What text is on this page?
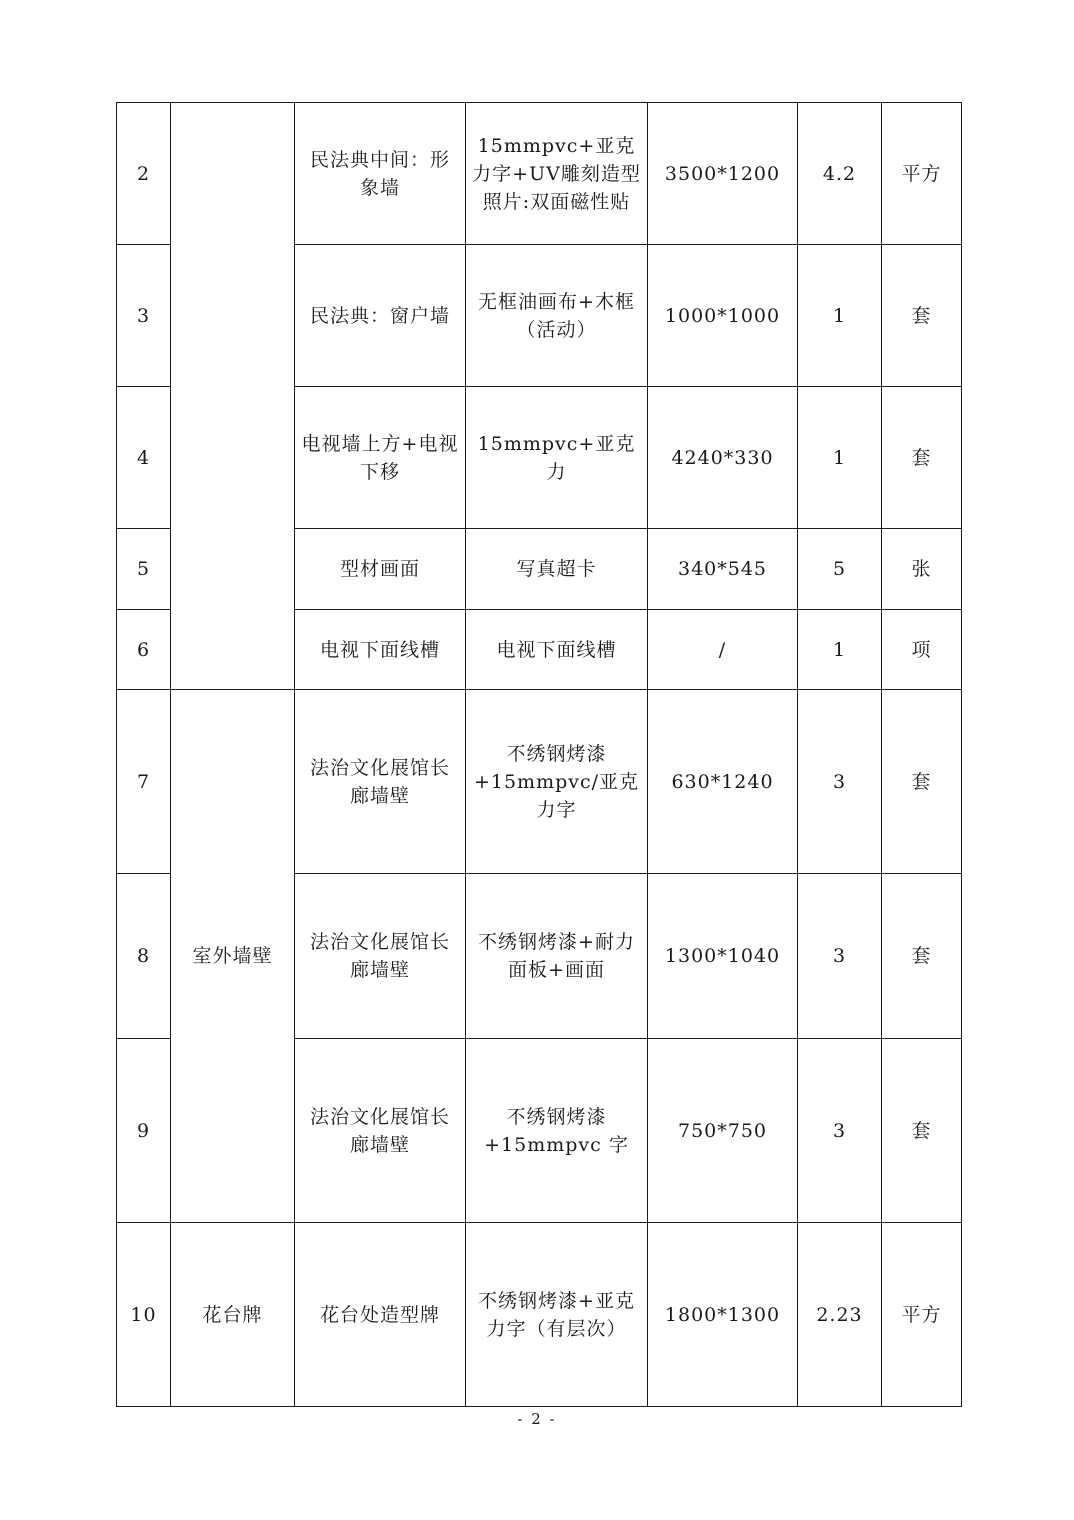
2		民法典中间：形象墙	15mmpvc+亚克力字+UV雕刻造型照片:双面磁性贴	3500*1200	4.2	平方
3		民法典：窗户墙	无框油画布+木框（活动）	1000*1000	1	套
4		电视墙上方+电视下移	15mmpvc+亚克力	4240*330	1	套
5		型材画面	写真超卡	340*545	5	张
6		电视下面线槽	电视下面线槽	/	1	项
7	室外墙壁	法治文化展馆长廊墙壁	不绣钢烤漆+15mmpvc/亚克力字	630*1240	3	套
8		法治文化展馆长廊墙壁	不绣钢烤漆+耐力面板+画面	1300*1040	3	套
9		法治文化展馆长廊墙壁	不绣钢烤漆+15mmpvc 字	750*750	3	套
10	花台牌	花台处造型牌	不绣钢烤漆+亚克力字（有层次）	1800*1300	2.23	平方
- 2 -
